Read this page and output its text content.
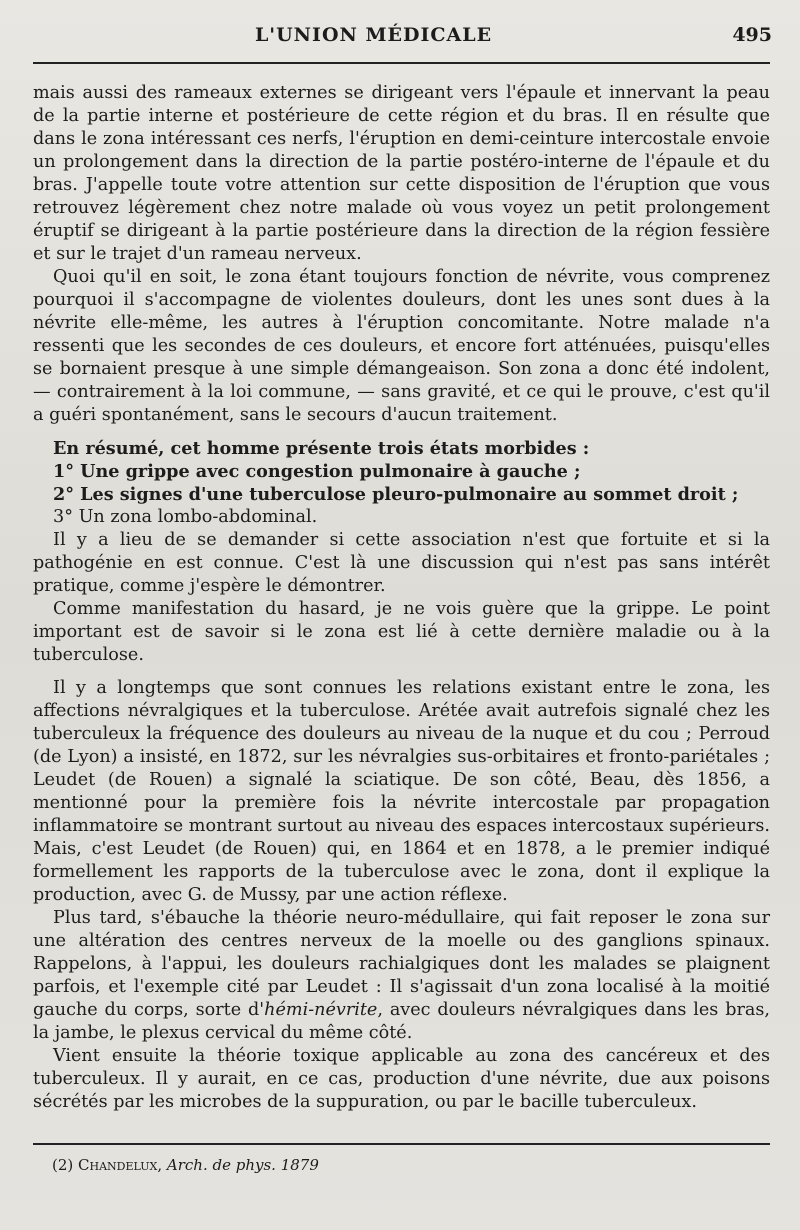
L'UNION MÉDICALE	495

mais aussi des rameaux externes se dirigeant vers l'épaule et innervant la peau de la partie interne et postérieure de cette région et du bras. Il en résulte que dans le zona intéressant ces nerfs, l'éruption en demi-ceinture intercostale envoie un prolongement dans la direction de la partie postéro-interne de l'épaule et du bras. J'appelle toute votre attention sur cette disposition de l'éruption que vous retrouvez légèrement chez notre malade où vous voyez un petit prolongement éruptif se dirigeant à la partie postérieure dans la direction de la région fessière et sur le trajet d'un rameau nerveux.

Quoi qu'il en soit, le zona étant toujours fonction de névrite, vous comprenez pourquoi il s'accompagne de violentes douleurs, dont les unes sont dues à la névrite elle-même, les autres à l'éruption concomitante. Notre malade n'a ressenti que les secondes de ces douleurs, et encore fort atténuées, puisqu'elles se bornaient presque à une simple démangeaison. Son zona a donc été indolent, — contrairement à la loi commune, — sans gravité, et ce qui le prouve, c'est qu'il a guéri spontanément, sans le secours d'aucun traitement.

En résumé, cet homme présente trois états morbides :

1° Une grippe avec congestion pulmonaire à gauche ;

2° Les signes d'une tuberculose pleuro-pulmonaire au sommet droit ;

3° Un zona lombo-abdominal.

Il y a lieu de se demander si cette association n'est que fortuite et si la pathogénie en est connue. C'est là une discussion qui n'est pas sans intérêt pratique, comme j'espère le démontrer.

Comme manifestation du hasard, je ne vois guère que la grippe. Le point important est de savoir si le zona est lié à cette dernière maladie ou à la tuberculose.

Il y a longtemps que sont connues les relations existant entre le zona, les affections névralgiques et la tuberculose. Arétée avait autrefois signalé chez les tuberculeux la fréquence des douleurs au niveau de la nuque et du cou ; Perroud (de Lyon) a insisté, en 1872, sur les névralgies sus-orbitaires et fronto-pariétales ; Leudet (de Rouen) a signalé la sciatique. De son côté, Beau, dès 1856, a mentionné pour la première fois la névrite intercostale par propagation inflammatoire se montrant surtout au niveau des espaces intercostaux supérieurs. Mais, c'est Leudet (de Rouen) qui, en 1864 et en 1878, a le premier indiqué formellement les rapports de la tuberculose avec le zona, dont il explique la production, avec G. de Mussy, par une action réflexe.

Plus tard, s'ébauche la théorie neuro-médullaire, qui fait reposer le zona sur une altération des centres nerveux de la moelle ou des ganglions spinaux. Rappelons, à l'appui, les douleurs rachialgiques dont les malades se plaignent parfois, et l'exemple cité par Leudet : Il s'agissait d'un zona localisé à la moitié gauche du corps, sorte d'hémi-névrite, avec douleurs névralgiques dans les bras, la jambe, le plexus cervical du même côté.

Vient ensuite la théorie toxique applicable au zona des cancéreux et des tuberculeux. Il y aurait, en ce cas, production d'une névrite, due aux poisons sécrétés par les microbes de la suppuration, ou par le bacille tuberculeux.

(2) Chandelux, Arch. de phys. 1879
